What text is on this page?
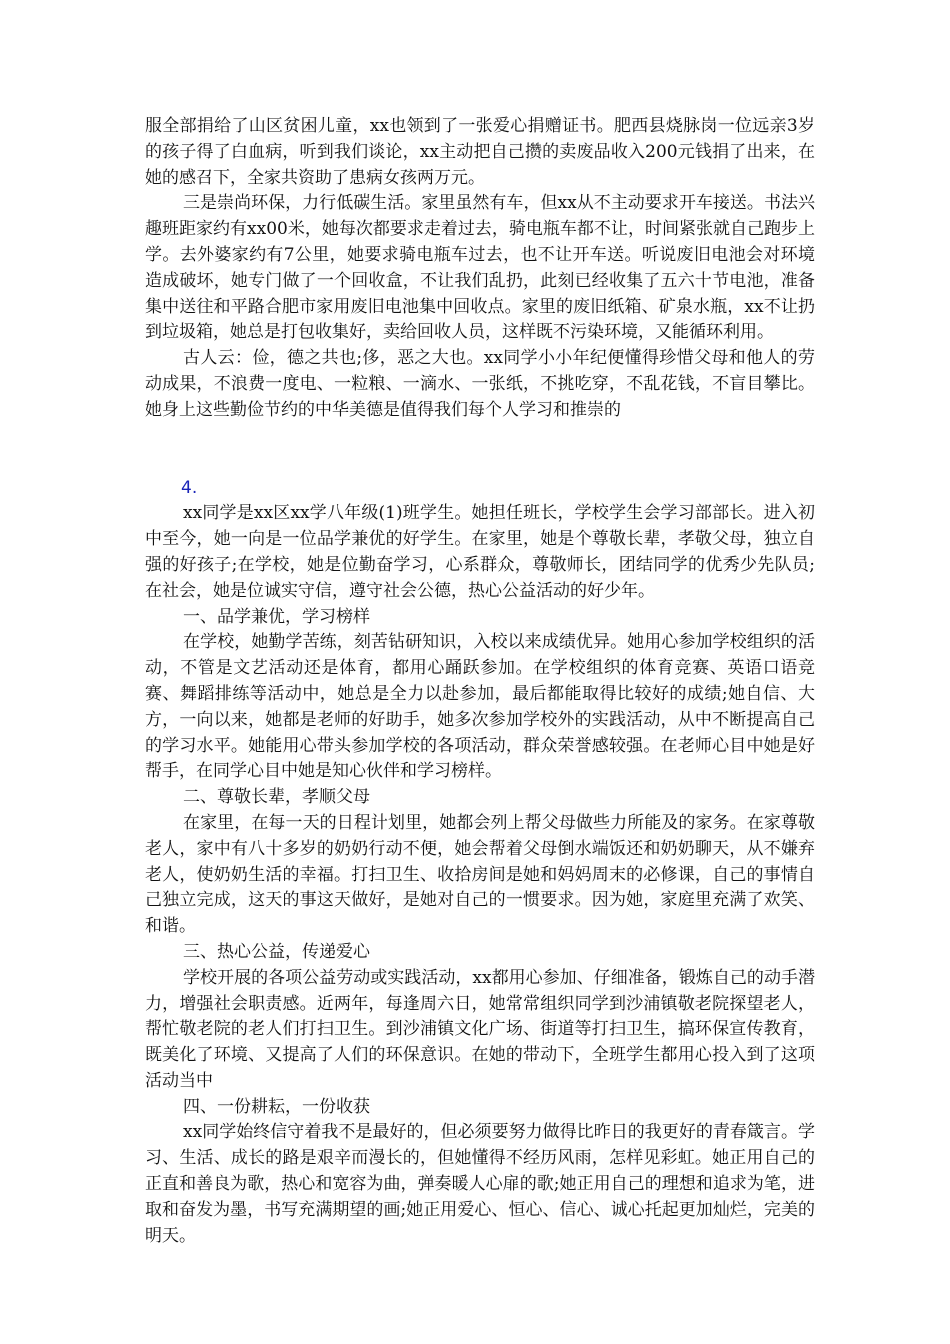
服全部捐给了山区贫困儿童，xx也领到了一张爱心捐赠证书。肥西县烧脉岗一位远亲3岁的孩子得了白血病，听到我们谈论，xx主动把自己攒的卖废品收入200元钱捐了出来，在她的感召下，全家共资助了患病女孩两万元。

三是崇尚环保，力行低碳生活。家里虽然有车，但xx从不主动要求开车接送。书法兴趣班距家约有xx00米，她每次都要求走着过去，骑电瓶车都不让，时间紧张就自己跑步上学。去外婆家约有7公里，她要求骑电瓶车过去，也不让开车送。听说废旧电池会对环境造成破坏，她专门做了一个回收盒，不让我们乱扔，此刻已经收集了五六十节电池，准备集中送往和平路合肥市家用废旧电池集中回收点。家里的废旧纸箱、矿泉水瓶，xx不让扔到垃圾箱，她总是打包收集好，卖给回收人员，这样既不污染环境，又能循环利用。

古人云：俭，德之共也;侈，恶之大也。xx同学小小年纪便懂得珍惜父母和他人的劳动成果，不浪费一度电、一粒粮、一滴水、一张纸，不挑吃穿，不乱花钱，不盲目攀比。她身上这些勤俭节约的中华美德是值得我们每个人学习和推崇的

4.

xx同学是xx区xx学八年级(1)班学生。她担任班长，学校学生会学习部部长。进入初中至今，她一向是一位品学兼优的好学生。在家里，她是个尊敬长辈，孝敬父母，独立自强的好孩子;在学校，她是位勤奋学习，心系群众，尊敬师长，团结同学的优秀少先队员;在社会，她是位诚实守信，遵守社会公德，热心公益活动的好少年。

一、品学兼优，学习榜样

在学校，她勤学苦练，刻苦钻研知识，入校以来成绩优异。她用心参加学校组织的活动，不管是文艺活动还是体育，都用心踊跃参加。在学校组织的体育竞赛、英语口语竞赛、舞蹈排练等活动中，她总是全力以赴参加，最后都能取得比较好的成绩;她自信、大方，一向以来，她都是老师的好助手，她多次参加学校外的实践活动，从中不断提高自己的学习水平。她能用心带头参加学校的各项活动，群众荣誉感较强。在老师心目中她是好帮手，在同学心目中她是知心伙伴和学习榜样。

二、尊敬长辈，孝顺父母

在家里，在每一天的日程计划里，她都会列上帮父母做些力所能及的家务。在家尊敬老人，家中有八十多岁的奶奶行动不便，她会帮着父母倒水端饭还和奶奶聊天，从不嫌弃老人，使奶奶生活的幸福。打扫卫生、收拾房间是她和妈妈周末的必修课，自己的事情自己独立完成，这天的事这天做好，是她对自己的一惯要求。因为她，家庭里充满了欢笑、和谐。

三、热心公益，传递爱心

学校开展的各项公益劳动或实践活动，xx都用心参加、仔细准备，锻炼自己的动手潜力，增强社会职责感。近两年，每逢周六日，她常常组织同学到沙浦镇敬老院探望老人，帮忙敬老院的老人们打扫卫生。到沙浦镇文化广场、街道等打扫卫生，搞环保宣传教育，既美化了环境、又提高了人们的环保意识。在她的带动下，全班学生都用心投入到了这项活动当中

四、一份耕耘，一份收获

xx同学始终信守着我不是最好的，但必须要努力做得比昨日的我更好的青春箴言。学习、生活、成长的路是艰辛而漫长的，但她懂得不经历风雨，怎样见彩虹。她正用自己的正直和善良为歌，热心和宽容为曲，弹奏暖人心扉的歌;她正用自己的理想和追求为笔，进取和奋发为墨，书写充满期望的画;她正用爱心、恒心、信心、诚心托起更加灿烂，完美的明天。
